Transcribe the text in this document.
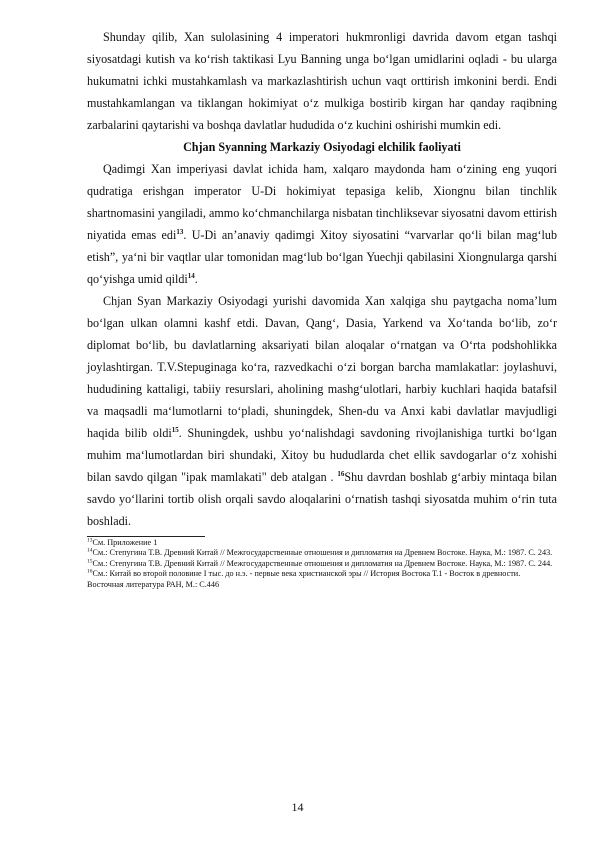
Shunday qilib, Xan sulolasining 4 imperatori hukmronligi davrida davom etgan tashqi siyosatdagi kutish va ko‘rish taktikasi Lyu Banning unga bo‘lgan umidlarini oqladi - bu ularga hukumatni ichki mustahkamlash va markazlashtirish uchun vaqt orttirish imkonini berdi. Endi mustahkamlangan va tiklangan hokimiyat o‘z mulkiga bostirib kirgan har qanday raqibning zarbalarini qaytarishi va boshqa davlatlar hududida o‘z kuchini oshirishi mumkin edi.

Chjan Syanning Markaziy Osiyodagi elchilik faoliyati

Qadimgi Xan imperiyasi davlat ichida ham, xalqaro maydonda ham o‘zining eng yuqori qudratiga erishgan imperator U-Di hokimiyat tepasiga kelib, Xiongnu bilan tinchlik shartnomasini yangiladi, ammo ko‘chmanchilarga nisbatan tinchliksevar siyosatni davom ettirish niyatida emas edi$^{13}$. U-Di an’anaviy qadimgi Xitoy siyosatini “varvarlar qo‘li bilan mag‘lub etish”, ya‘ni bir vaqtlar ular tomonidan mag‘lub bo‘lgan Yuechji qabilasini Xiongnularga qarshi qo‘yishga umid qildi$^{14}$.

Chjan Syan Markaziy Osiyodagi yurishi davomida Xan xalqiga shu paytgacha noma’lum bo‘lgan ulkan olamni kashf etdi. Davan, Qang‘, Dasia, Yarkend va Xo‘tanda bo‘lib, zo‘r diplomat bo‘lib, bu davlatlarning aksariyati bilan aloqalar o‘rnatgan va O‘rta podshohlikka joylashtirgan. T.V.Stepuginaga ko‘ra, razvedkachi o‘zi borgan barcha mamlakatlar: joylashuvi, hududining kattaligi, tabiiy resurslari, aholining mashg‘ulotlari, harbiy kuchlari haqida batafsil va maqsadli ma‘lumotlarni to‘pladi, shuningdek, Shen-du va Anxi kabi davlatlar mavjudligi haqida bilib oldi$^{15}$. Shuningdek, ushbu yo‘nalishdagi savdoning rivojlanishiga turtki bo‘lgan muhim ma‘lumotlardan biri shundaki, Xitoy bu hududlarda chet ellik savdogarlar o‘z xohishi bilan savdo qilgan "ipak mamlakati" deb atalgan . $^{16}$Shu davrdan boshlab g‘arbiy mintaqa bilan savdo yo‘llarini tortib olish orqali savdo aloqalarini o‘rnatish tashqi siyosatda muhim o‘rin tuta boshladi.

$^{13}$См. Приложение 1

$^{14}$См.: Степугина Т.В. Древний Китай // Межгосударственные отношения и дипломатия на Древнем Востоке. Наука, М.: 1987. С. 243.

$^{15}$См.: Степугина Т.В. Древний Китай // Межгосударственные отношения и дипломатия на Древнем Востоке. Наука, М.: 1987. С. 244.

$^{16}$См.: Китай во второй половине I тыс. до н.э. - первые века христианской эры // История Востока Т.1 - Восток в древности. Восточная литература РАН, М.: С.446

14
